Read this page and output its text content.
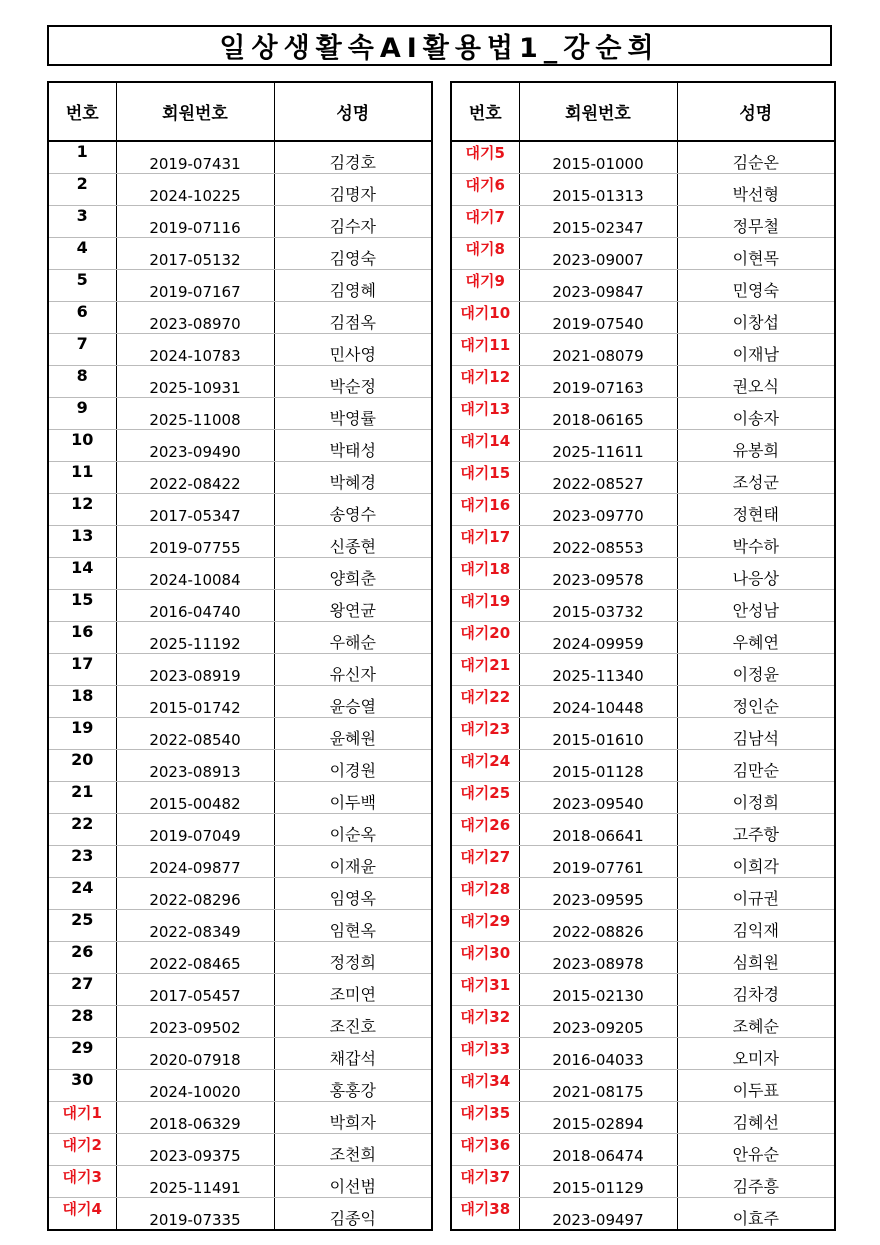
일상생활속AI활용법1_강순희
번호	회원번호	성명
1	2019-07431	김경호
2	2024-10225	김명자
3	2019-07116	김수자
4	2017-05132	김영숙
5	2019-07167	김영혜
6	2023-08970	김점옥
7	2024-10783	민사영
8	2025-10931	박순정
9	2025-11008	박영률
10	2023-09490	박태성
11	2022-08422	박혜경
12	2017-05347	송영수
13	2019-07755	신종현
14	2024-10084	양희춘
15	2016-04740	왕연균
16	2025-11192	우해순
17	2023-08919	유신자
18	2015-01742	윤승열
19	2022-08540	윤혜원
20	2023-08913	이경원
21	2015-00482	이두백
22	2019-07049	이순옥
23	2024-09877	이재윤
24	2022-08296	임영옥
25	2022-08349	임현옥
26	2022-08465	정정희
27	2017-05457	조미연
28	2023-09502	조진호
29	2020-07918	채갑석
30	2024-10020	홍홍강
대기1	2018-06329	박희자
대기2	2023-09375	조천희
대기3	2025-11491	이선범
대기4	2019-07335	김종익
번호	회원번호	성명
대기5	2015-01000	김순온
대기6	2015-01313	박선형
대기7	2015-02347	정무철
대기8	2023-09007	이현목
대기9	2023-09847	민영숙
대기10	2019-07540	이창섭
대기11	2021-08079	이재남
대기12	2019-07163	권오식
대기13	2018-06165	이송자
대기14	2025-11611	유봉희
대기15	2022-08527	조성군
대기16	2023-09770	정현태
대기17	2022-08553	박수하
대기18	2023-09578	나응상
대기19	2015-03732	안성남
대기20	2024-09959	우혜연
대기21	2025-11340	이정윤
대기22	2024-10448	정인순
대기23	2015-01610	김남석
대기24	2015-01128	김만순
대기25	2023-09540	이정희
대기26	2018-06641	고주항
대기27	2019-07761	이희각
대기28	2023-09595	이규권
대기29	2022-08826	김익재
대기30	2023-08978	심희원
대기31	2015-02130	김차경
대기32	2023-09205	조혜순
대기33	2016-04033	오미자
대기34	2021-08175	이두표
대기35	2015-02894	김혜선
대기36	2018-06474	안유순
대기37	2015-01129	김주흥
대기38	2023-09497	이효주
